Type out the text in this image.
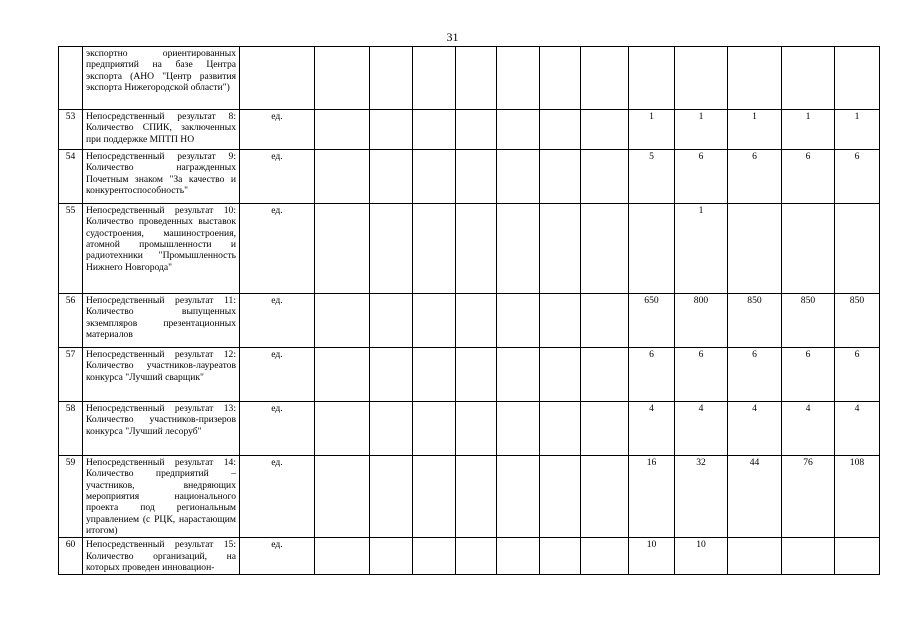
31
	экспортно ориентированных предприятий на базе Центра экспорта (АНО "Центр развития экспорта Нижегородской области")														
53	Непосредственный результат 8: Количество СПИК, заключенных при поддержке МПТП НО	ед.								1	1	1	1	1	
54	Непосредственный результат 9: Количество награжденных Почетным знаком "За качество и конкурентоспособность"	ед.								5	6	6	6	6	
55	Непосредственный результат 10: Количество проведенных выставок судостроения, машиностроения, атомной промышленности и радиотехники "Промышленность Нижнего Новгорода"	ед.									1				
56	Непосредственный результат 11: Количество выпущенных экземпляров презентационных материалов	ед.								650	800	850	850	850	
57	Непосредственный результат 12: Количество участников-лауреатов конкурса "Лучший сварщик"	ед.								6	6	6	6	6	
58	Непосредственный результат 13: Количество участников-призеров конкурса "Лучший лесоруб"	ед.								4	4	4	4	4	
59	Непосредственный результат 14: Количество предприятий – участников, внедряющих мероприятия национального проекта под региональным управлением (с РЦК, нарастающим итогом)	ед.								16	32	44	76	108	
60	Непосредственный результат 15: Количество организаций, на которых проведен инновацион-	ед.								10	10				
